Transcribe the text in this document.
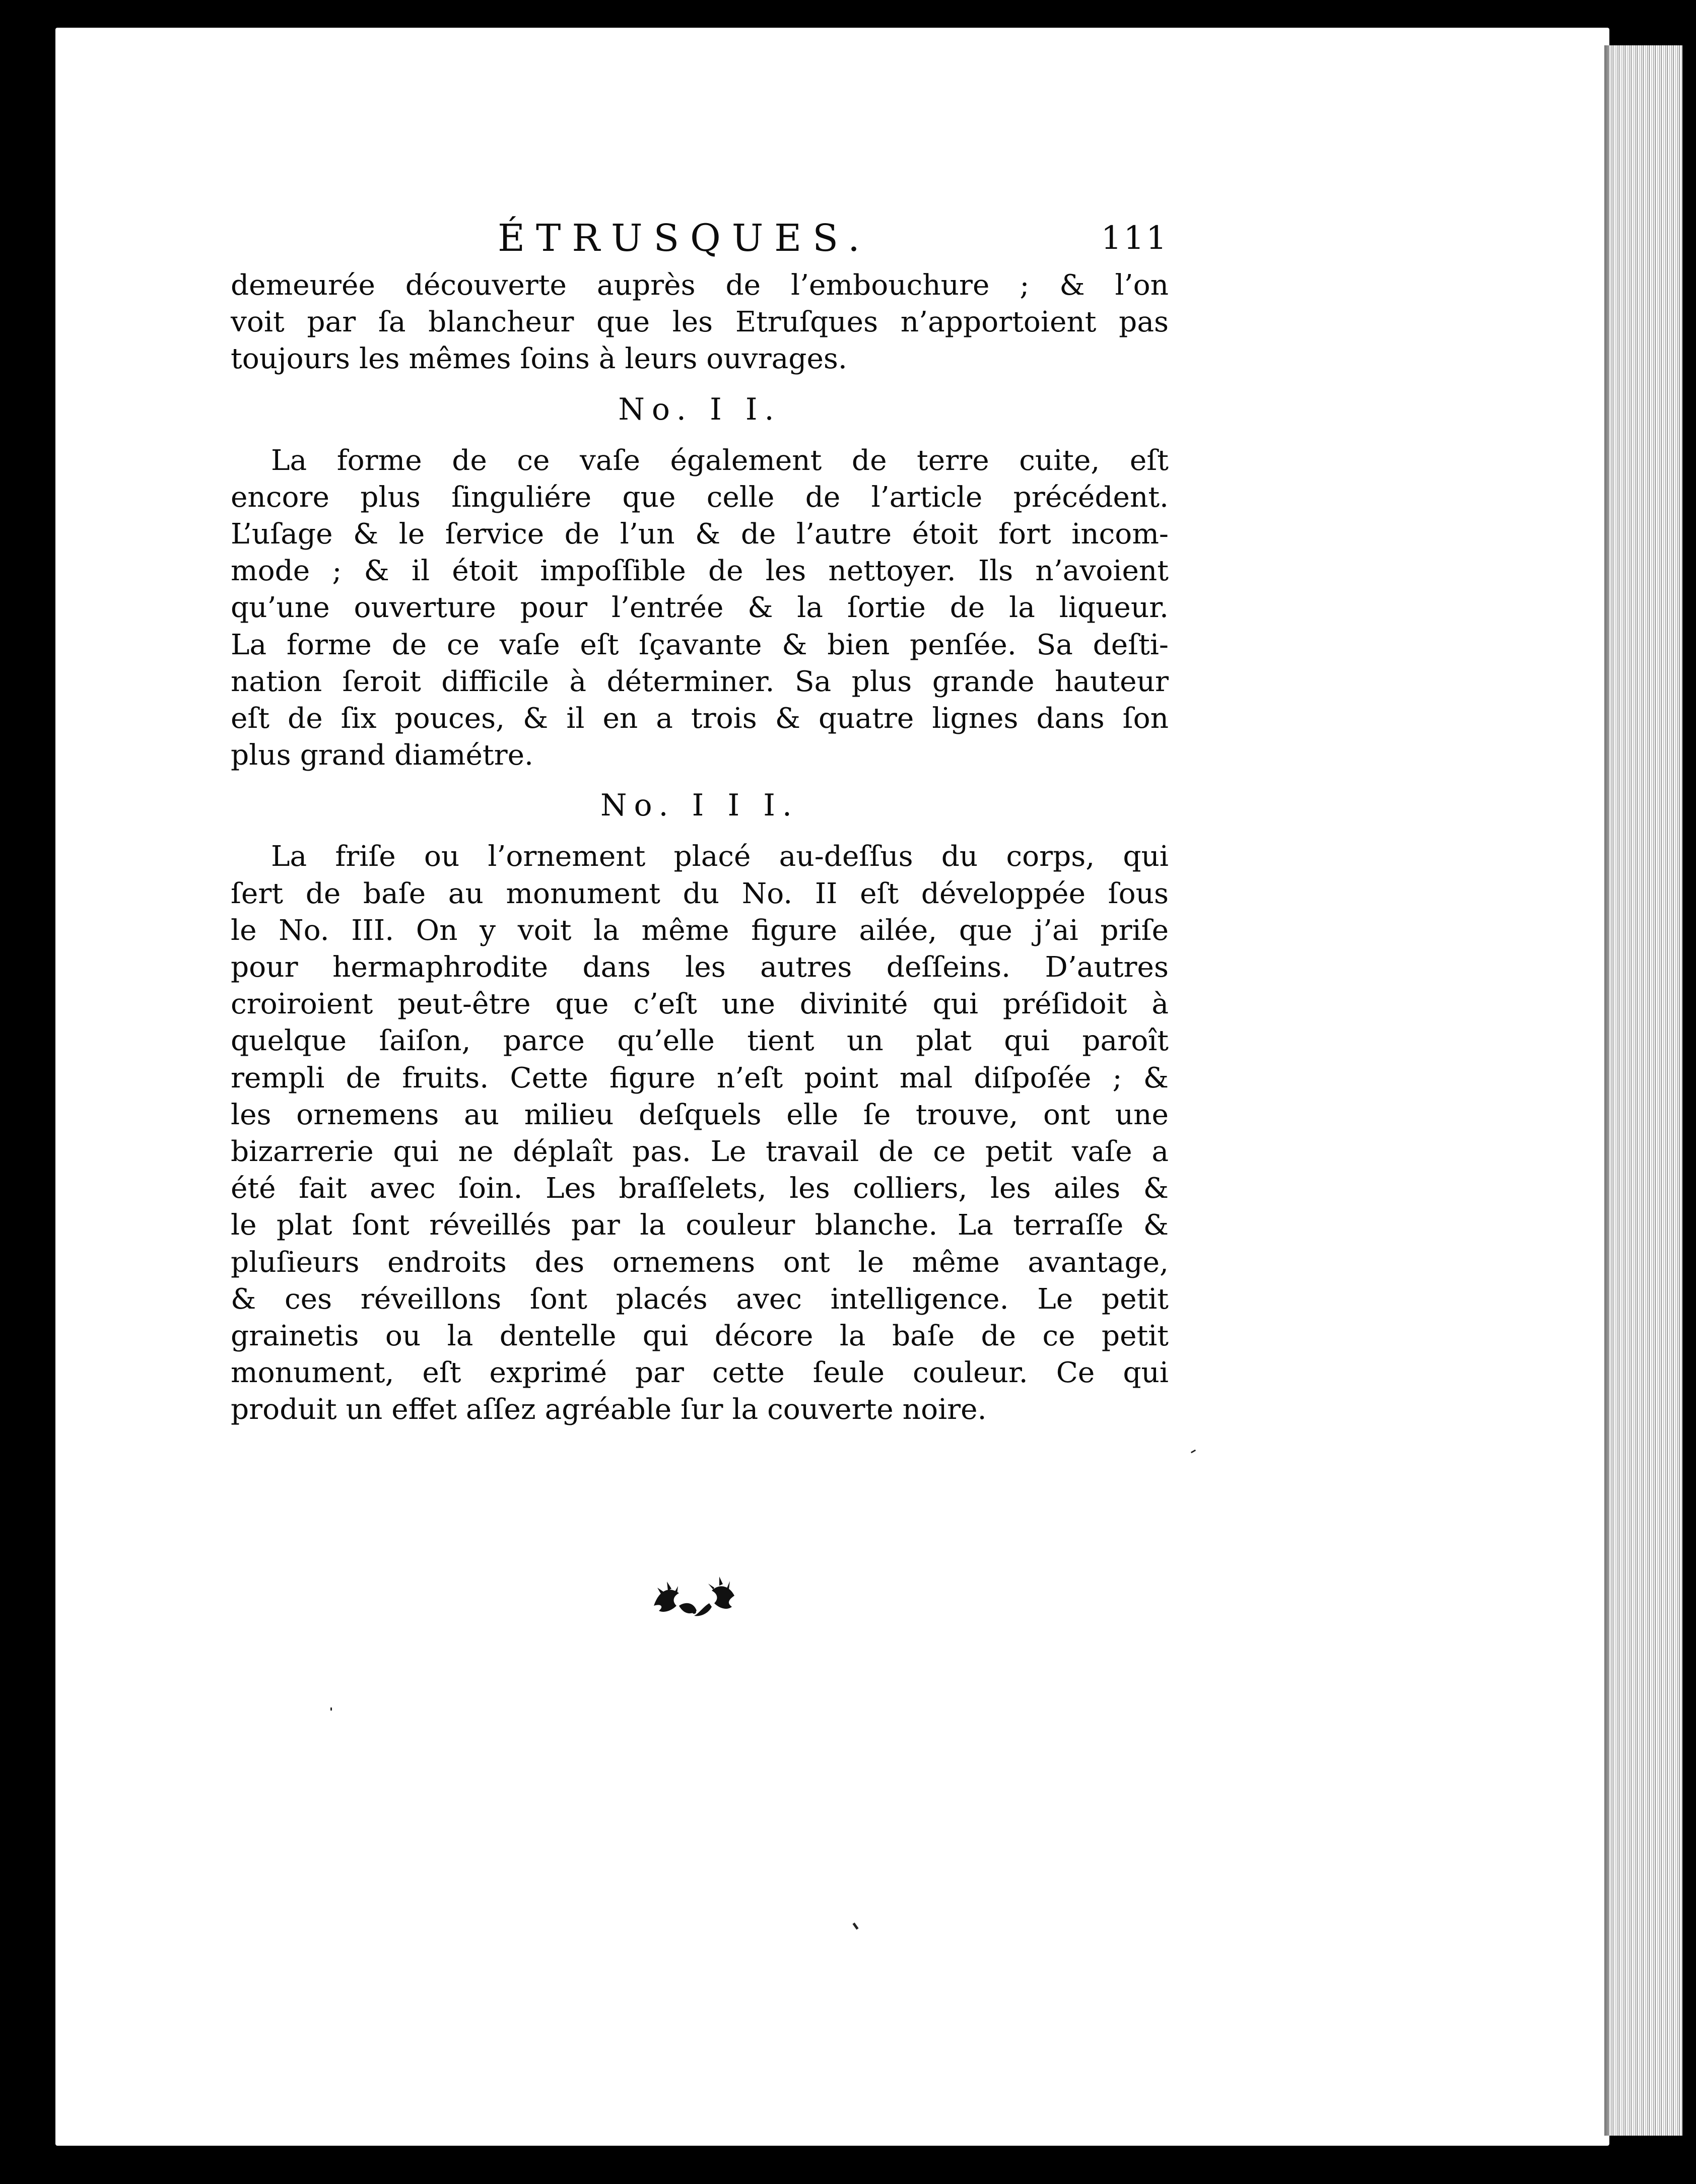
ÉTRUSQUES.	111

demeurée découverte auprès de l’embouchure ; & l’on
voit par ſa blancheur que les Etruſques n’apportoient pas
toujours les mêmes ſoins à leurs ouvrages.

No. I I.

La forme de ce vaſe également de terre cuite, eſt
encore plus ſinguliére que celle de l’article précédent.
L’uſage & le ſervice de l’un & de l’autre étoit fort incom-
mode ; & il étoit impoſſible de les nettoyer. Ils n’avoient
qu’une ouverture pour l’entrée & la ſortie de la liqueur.
La forme de ce vaſe eſt ſçavante & bien penſée. Sa deſti-
nation ſeroit difficile à déterminer. Sa plus grande hauteur
eſt de ſix pouces, & il en a trois & quatre lignes dans ſon
plus grand diamétre.

No. I I I.

La friſe ou l’ornement placé au-deſſus du corps, qui
ſert de baſe au monument du No. II eſt développée ſous
le No. III. On y voit la même figure ailée, que j’ai priſe
pour hermaphrodite dans les autres deſſeins. D’autres
croiroient peut-être que c’eſt une divinité qui préſidoit à
quelque ſaiſon, parce qu’elle tient un plat qui paroît
rempli de fruits. Cette figure n’eſt point mal diſpoſée ; &
les ornemens au milieu deſquels elle ſe trouve, ont une
bizarrerie qui ne déplaît pas. Le travail de ce petit vaſe a
été fait avec ſoin. Les braſſelets, les colliers, les ailes &
le plat ſont réveillés par la couleur blanche. La terraſſe &
pluſieurs endroits des ornemens ont le même avantage,
& ces réveillons ſont placés avec intelligence. Le petit
grainetis ou la dentelle qui décore la baſe de ce petit
monument, eſt exprimé par cette ſeule couleur. Ce qui
produit un effet aſſez agréable ſur la couverte noire.
